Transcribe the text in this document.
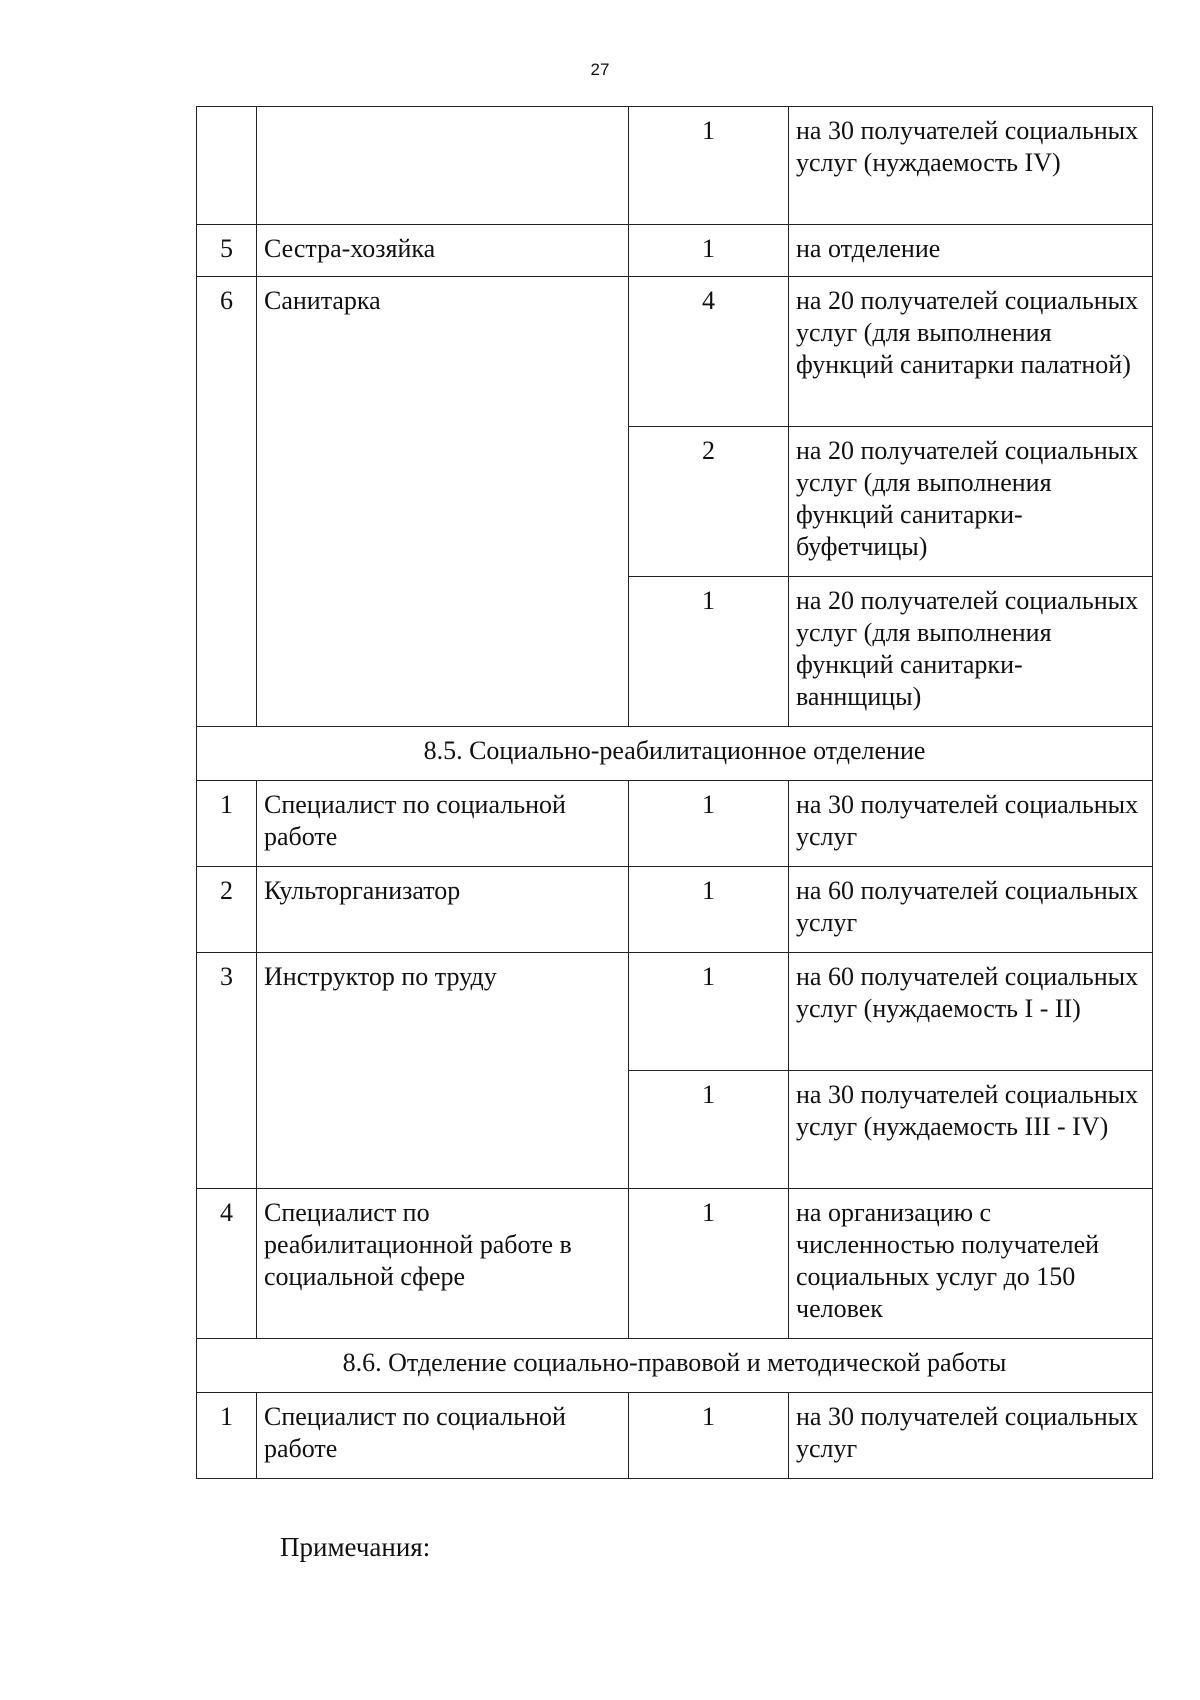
27
		1	на 30 получателей социальных услуг (нуждаемость IV)
5	Сестра-хозяйка	1	на отделение
6	Санитарка	4	на 20 получателей социальных услуг (для выполнения функций санитарки палатной)
		2	на 20 получателей социальных услуг (для выполнения функций санитарки-буфетчицы)
		1	на 20 получателей социальных услуг (для выполнения функций санитарки-ваннщицы)
8.5. Социально-реабилитационное отделение			
1	Специалист по социальной работе	1	на 30 получателей социальных услуг
2	Культорганизатор	1	на 60 получателей социальных услуг
3	Инструктор по труду	1	на 60 получателей социальных услуг (нуждаемость I - II)
		1	на 30 получателей социальных услуг (нуждаемость III - IV)
4	Специалист по реабилитационной работе в социальной сфере	1	на организацию с численностью получателей социальных услуг до 150 человек
8.6. Отделение социально-правовой и методической работы			
1	Специалист по социальной работе	1	на 30 получателей социальных услуг
Примечания:
